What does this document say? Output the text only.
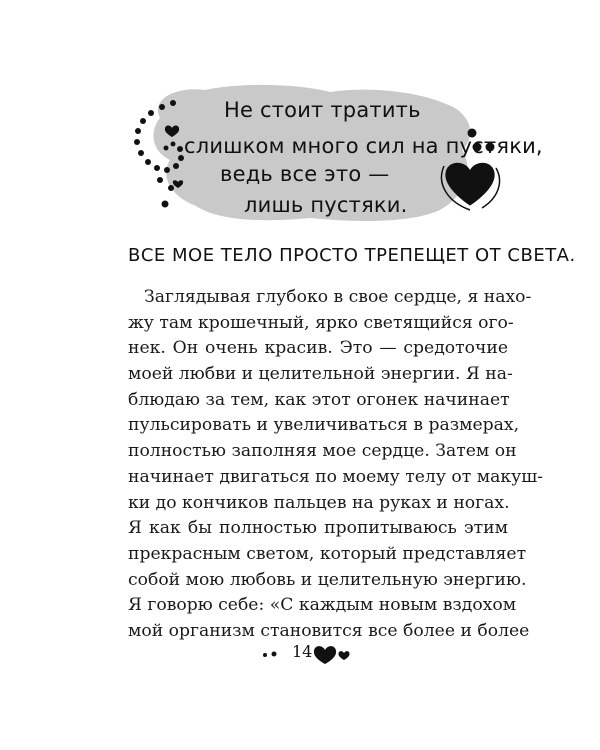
Не стоит тратить
слишком много сил на пустяки,
ведь все это —
лишь пустяки.
ВСЕ МОЕ ТЕЛО ПРОСТО ТРЕПЕЩЕТ ОТ СВЕТА.
Заглядывая глубоко в свое сердце, я нахо-
жу там крошечный, ярко светящийся ого-
нек. Он очень красив. Это — средоточие
моей любви и целительной энергии. Я на-
блюдаю за тем, как этот огонек начинает
пульсировать и увеличиваться в размерах,
полностью заполняя мое сердце. Затем он
начинает двигаться по моему телу от макуш-
ки до кончиков пальцев на руках и ногах.
Я как бы полностью пропитываюсь этим
прекрасным светом, который представляет
собой мою любовь и целительную энергию.
Я говорю себе: «С каждым новым вздохом
мой организм становится все более и более
14
